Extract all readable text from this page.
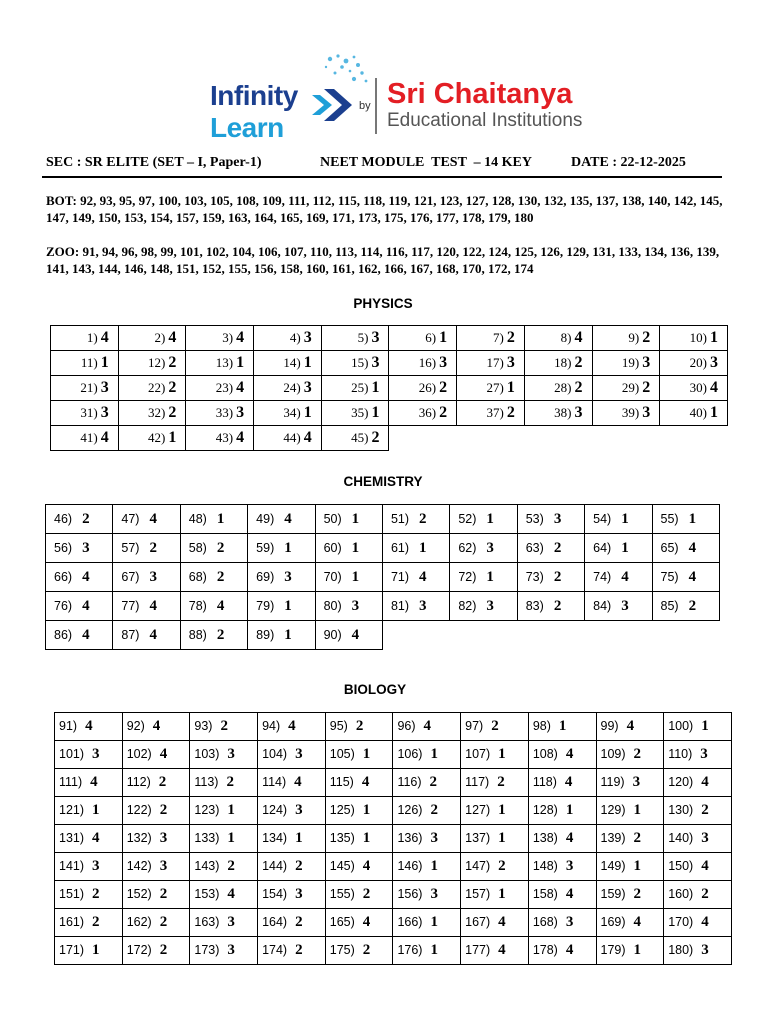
Infinity
Learn
by Sri Chaitanya
Educational Institutions
SEC : SR ELITE (SET – I, Paper-1)	NEET MODULE  TEST  – 14 KEY	DATE : 22-12-2025
BOT: 92, 93, 95, 97, 100, 103, 105, 108, 109, 111, 112, 115, 118, 119, 121, 123, 127, 128, 130, 132, 135, 137, 138, 140, 142, 145, 147, 149, 150, 153, 154, 157, 159, 163, 164, 165, 169, 171, 173, 175, 176, 177, 178, 179, 180
ZOO: 91, 94, 96, 98, 99, 101, 102, 104, 106, 107, 110, 113, 114, 116, 117, 120, 122, 124, 125, 126, 129, 131, 133, 134, 136, 139, 141, 143, 144, 146, 148, 151, 152, 155, 156, 158, 160, 161, 162, 166, 167, 168, 170, 172, 174
PHYSICS
CHEMISTRY
BIOLOGY
1) 4	2) 4	3) 4	4) 3	5) 3	6) 1	7) 2	8) 4	9) 2	10) 1
11) 1	12) 2	13) 1	14) 1	15) 3	16) 3	17) 3	18) 2	19) 3	20) 3
21) 3	22) 2	23) 4	24) 3	25) 1	26) 2	27) 1	28) 2	29) 2	30) 4
31) 3	32) 2	33) 3	34) 1	35) 1	36) 2	37) 2	38) 3	39) 3	40) 1
41) 4	42) 1	43) 4	44) 4	45) 2					
46) 2	47) 4	48) 1	49) 4	50) 1	51) 2	52) 1	53) 3	54) 1	55) 1
56) 3	57) 2	58) 2	59) 1	60) 1	61) 1	62) 3	63) 2	64) 1	65) 4
66) 4	67) 3	68) 2	69) 3	70) 1	71) 4	72) 1	73) 2	74) 4	75) 4
76) 4	77) 4	78) 4	79) 1	80) 3	81) 3	82) 3	83) 2	84) 3	85) 2
86) 4	87) 4	88) 2	89) 1	90) 4					
91) 4	92) 4	93) 2	94) 4	95) 2	96) 4	97) 2	98) 1	99) 4	100) 1
101) 3	102) 4	103) 3	104) 3	105) 1	106) 1	107) 1	108) 4	109) 2	110) 3
111) 4	112) 2	113) 2	114) 4	115) 4	116) 2	117) 2	118) 4	119) 3	120) 4
121) 1	122) 2	123) 1	124) 3	125) 1	126) 2	127) 1	128) 1	129) 1	130) 2
131) 4	132) 3	133) 1	134) 1	135) 1	136) 3	137) 1	138) 4	139) 2	140) 3
141) 3	142) 3	143) 2	144) 2	145) 4	146) 1	147) 2	148) 3	149) 1	150) 4
151) 2	152) 2	153) 4	154) 3	155) 2	156) 3	157) 1	158) 4	159) 2	160) 2
161) 2	162) 2	163) 3	164) 2	165) 4	166) 1	167) 4	168) 3	169) 4	170) 4
171) 1	172) 2	173) 3	174) 2	175) 2	176) 1	177) 4	178) 4	179) 1	180) 3
